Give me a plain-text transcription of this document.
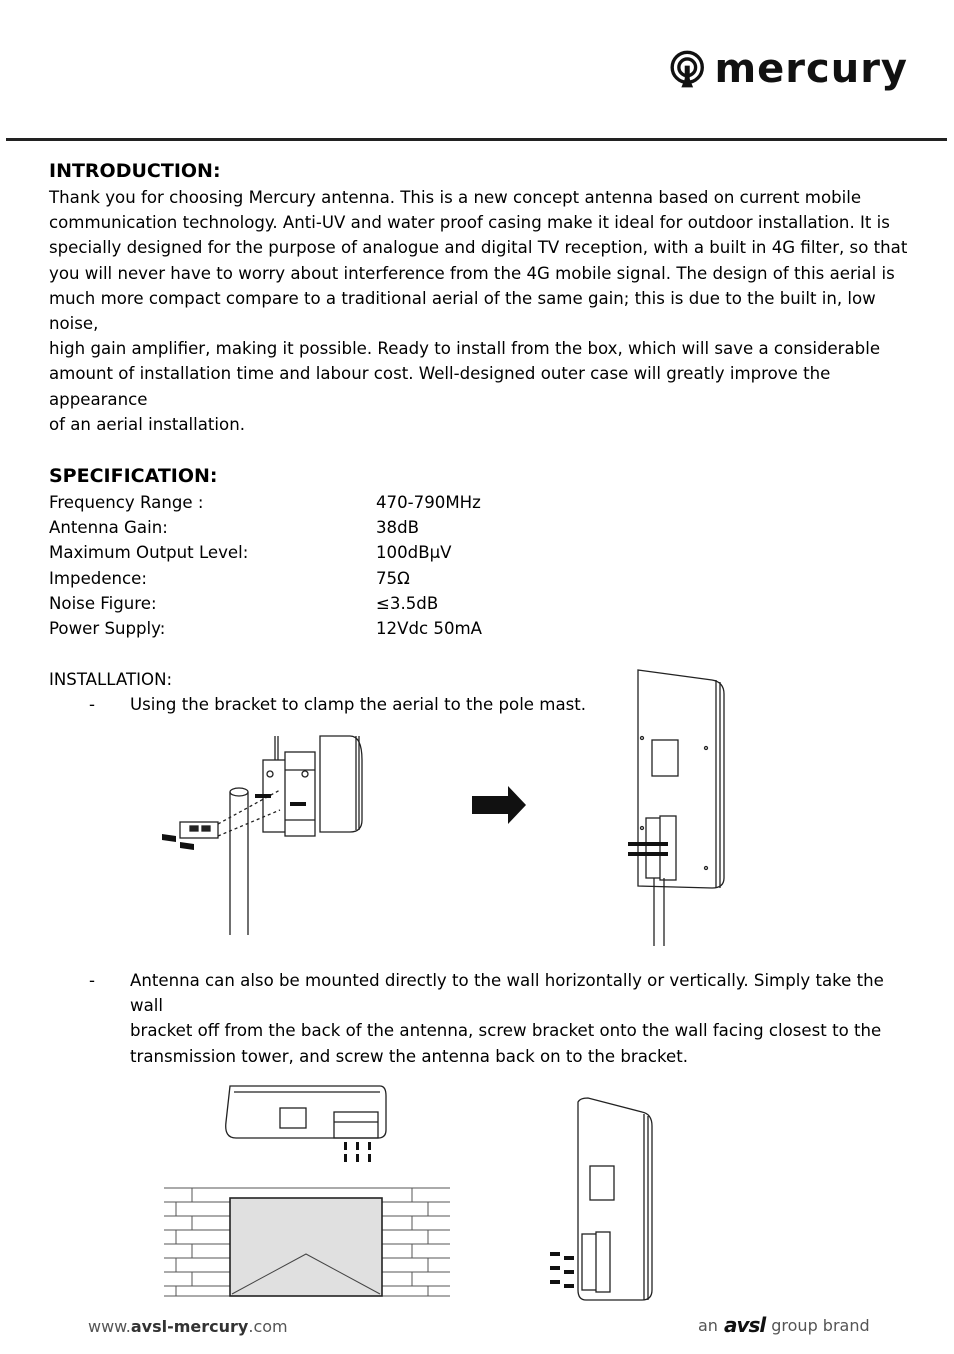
mercury
INTRODUCTION:

Thank you for choosing Mercury antenna. This is a new concept antenna based on current mobile

communication technology. Anti-UV and water proof casing make it ideal for outdoor installation. It is

specially designed for the purpose of analogue and digital TV reception, with a built in 4G filter, so that

you will never have to worry about interference from the 4G mobile signal. The design of this aerial is

much more compact compare to a traditional aerial of the same gain; this is due to the built in, low noise,

high gain amplifier, making it possible. Ready to install from the box, which will save a considerable

amount of installation time and labour cost. Well-designed outer case will greatly improve the appearance

of an aerial installation.

SPECIFICATION:
Frequency Range :	470-790MHz
Antenna Gain:	38dB
Maximum Output Level:	100dBμV
Impedence:	75Ω
Noise Figure:	≤3.5dB
Power Supply:	12Vdc 50mA

INSTALLATION:

-	Using the bracket to clamp the aerial to the pole mast.
-	Antenna can also be mounted directly to the wall horizontally or vertically. Simply take the wall
bracket off from the back of the antenna, screw bracket onto the wall facing closest to the
transmission tower, and screw the antenna back on to the bracket.
www.avsl-mercury.com	an avsl group brand
